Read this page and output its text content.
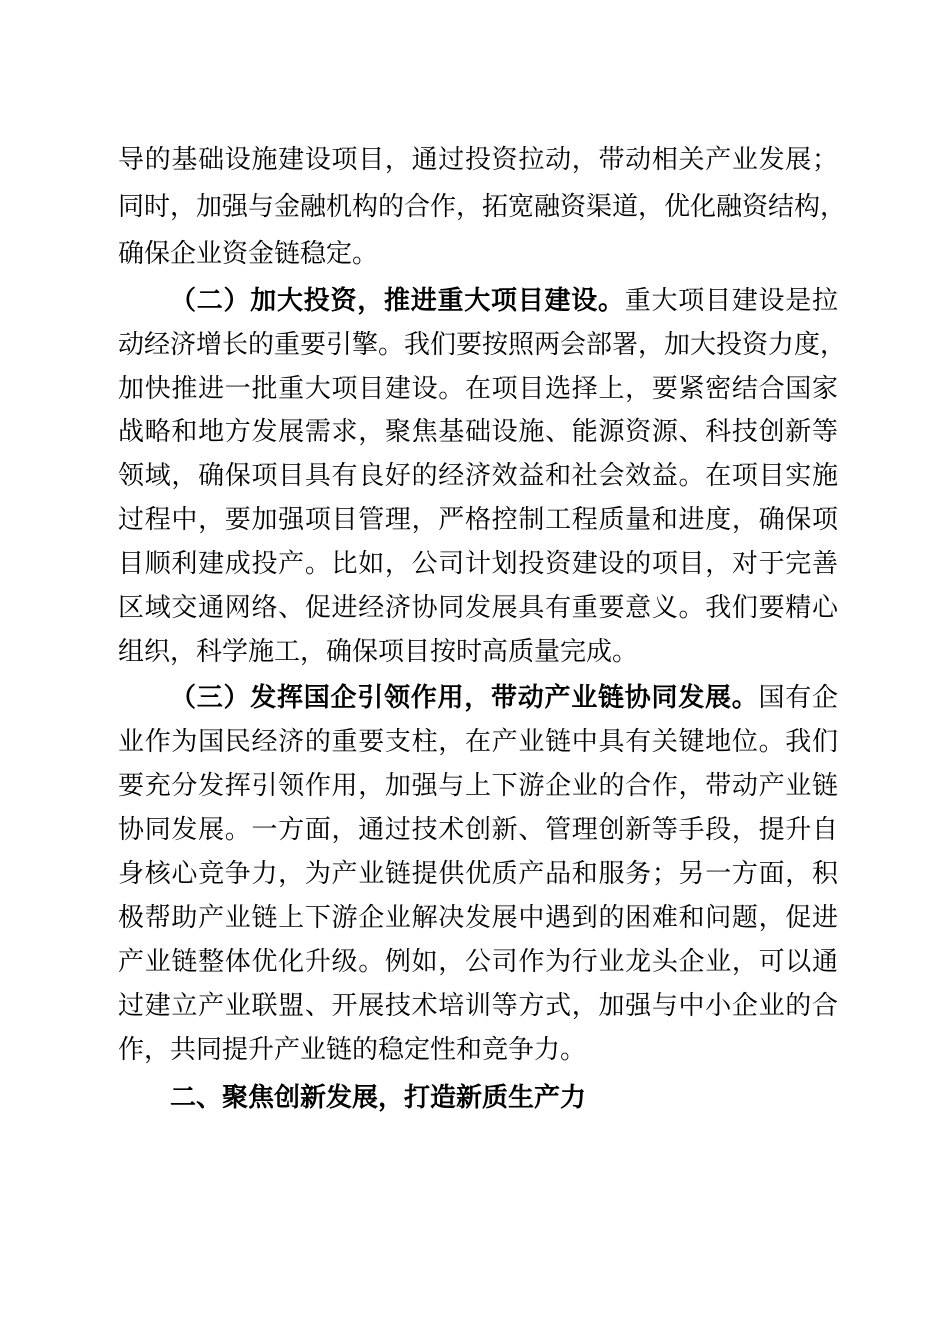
导的基础设施建设项目，通过投资拉动，带动相关产业发展；
同时，加强与金融机构的合作，拓宽融资渠道，优化融资结构，
确保企业资金链稳定。
（二）加大投资，推进重大项目建设。重大项目建设是拉
动经济增长的重要引擎。我们要按照两会部署，加大投资力度，
加快推进一批重大项目建设。在项目选择上，要紧密结合国家
战略和地方发展需求，聚焦基础设施、能源资源、科技创新等
领域，确保项目具有良好的经济效益和社会效益。在项目实施
过程中，要加强项目管理，严格控制工程质量和进度，确保项
目顺利建成投产。比如，公司计划投资建设的项目，对于完善
区域交通网络、促进经济协同发展具有重要意义。我们要精心
组织，科学施工，确保项目按时高质量完成。
（三）发挥国企引领作用，带动产业链协同发展。国有企
业作为国民经济的重要支柱，在产业链中具有关键地位。我们
要充分发挥引领作用，加强与上下游企业的合作，带动产业链
协同发展。一方面，通过技术创新、管理创新等手段，提升自
身核心竞争力，为产业链提供优质产品和服务；另一方面，积
极帮助产业链上下游企业解决发展中遇到的困难和问题，促进
产业链整体优化升级。例如，公司作为行业龙头企业，可以通
过建立产业联盟、开展技术培训等方式，加强与中小企业的合
作，共同提升产业链的稳定性和竞争力。
二、聚焦创新发展，打造新质生产力
